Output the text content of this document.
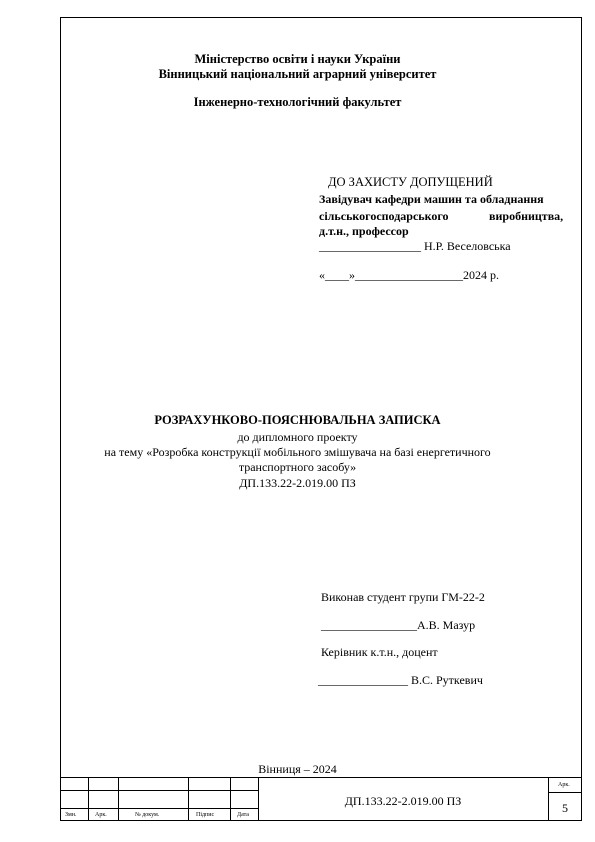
Міністерство освіти і науки України
Вінницький національний аграрний університет
Інженерно-технологічний факультет
ДО ЗАХИСТУ ДОПУЩЕНИЙ
Завідувач кафедри машин та обладнання
сільськогосподарського	виробництва,
д.т.н., профессор
_________________ Н.Р. Веселовська
«____»__________________2024 р.
РОЗРАХУНКОВО-ПОЯСНЮВАЛЬНА ЗАПИСКА
до дипломного проекту
на тему «Розробка конструкції мобільного змішувача на базі енергетичного
транспортного засобу»
ДП.133.22-2.019.00 ПЗ
Виконав студент групи ГМ-22-2
________________А.В. Мазур
Керівник к.т.н., доцент
_______________ В.С. Руткевич
Вінниця – 2024
Змн.	Арк.	№ докум.	Підпис	Дата
ДП.133.22-2.019.00 ПЗ
Арк.
5
